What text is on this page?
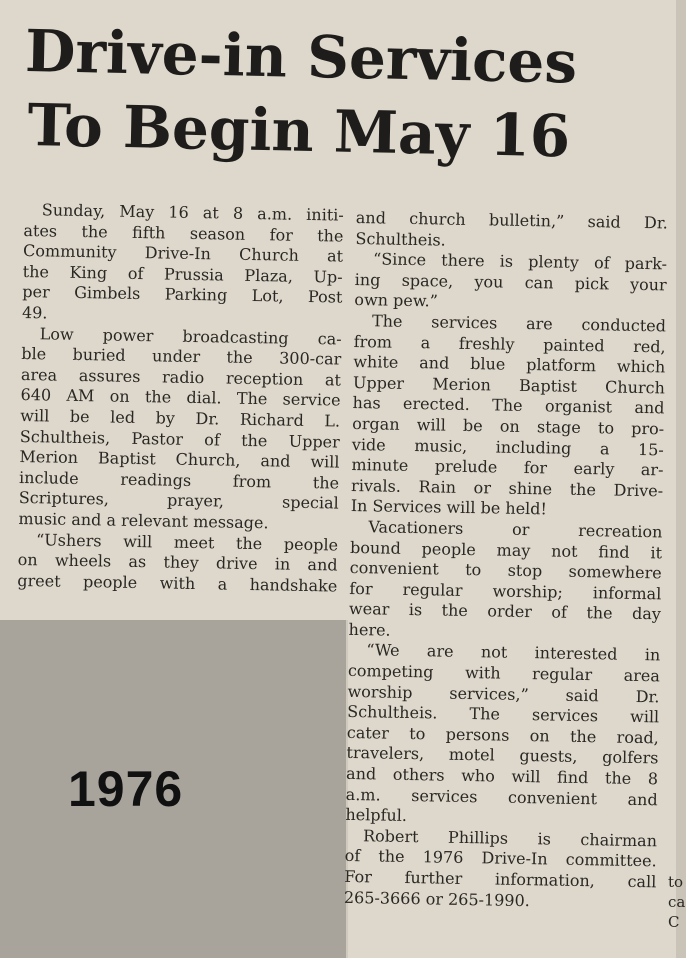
Drive-in Services
To Begin May 16
Sunday, May 16 at 8 a.m. initi-
ates the fifth season for the
Community Drive-In Church at
the King of Prussia Plaza, Up-
per Gimbels Parking Lot, Post
49.
Low power broadcasting ca-
ble buried under the 300-car
area assures radio reception at
640 AM on the dial. The service
will be led by Dr. Richard L.
Schultheis, Pastor of the Upper
Merion Baptist Church, and will
include	readings	from	the
Scriptures,	prayer,	special
music and a relevant message.
“Ushers will meet the people
on wheels as they drive in and
greet people with a handshake
and church bulletin,” said Dr.
Schultheis.
“Since there is plenty of park-
ing space, you can pick your
own pew.”
The services are conducted
from a freshly painted red,
white and blue platform which
Upper Merion Baptist Church
has erected. The organist and
organ will be on stage to pro-
vide music, including a 15-
minute prelude for early ar-
rivals. Rain or shine the Drive-
In Services will be held!
Vacationers	or	recreation
bound people may not find it
convenient to stop somewhere
for regular worship; informal
wear is the order of the day
here.
“We are not interested in
competing with regular area
worship services,” said Dr.
Schultheis. The services will
cater to persons on the road,
travelers, motel guests, golfers
and others who will find the 8
a.m. services convenient and
helpful.
Robert Phillips is chairman
of the 1976 Drive-In committee.
For further information, call
265-3666 or 265-1990.
1976
to
ca
C
